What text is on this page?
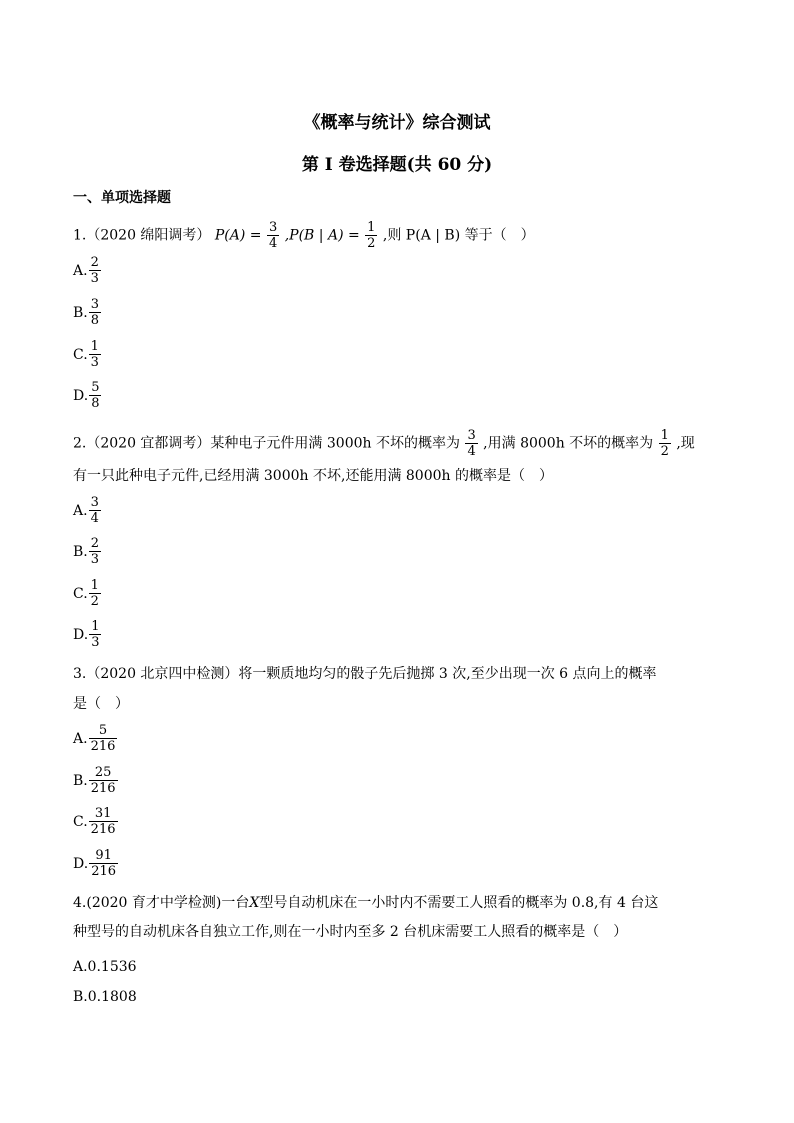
《概率与统计》综合测试
第 I 卷选择题(共 60 分)
一、单项选择题
1.（2020 绵阳调考） $P(A) = \frac{3}{4} ,P(B$ | $A) = \frac{1}{2}$ ,则 P(A | B) 等于（　）
A. $\frac{2}{3}$
B. $\frac{3}{8}$
C. $\frac{1}{3}$
D. $\frac{5}{8}$
2.（2020 宜都调考）某种电子元件用满 3000h 不坏的概率为 $\frac{3}{4}$ ,用满 8000h 不坏的概率为 $\frac{1}{2}$ ,现
有一只此种电子元件,已经用满 3000h 不坏,还能用满 8000h 的概率是（　）
A. $\frac{3}{4}$
B. $\frac{2}{3}$
C. $\frac{1}{2}$
D. $\frac{1}{3}$
3.（2020 北京四中检测）将一颗质地均匀的骰子先后抛掷 3 次,至少出现一次 6 点向上的概率
是（　）
A. $\frac{5}{216}$
B. $\frac{25}{216}$
C. $\frac{31}{216}$
D. $\frac{91}{216}$
4.(2020 育才中学检测)一台X型号自动机床在一小时内不需要工人照看的概率为 0.8,有 4 台这
种型号的自动机床各自独立工作,则在一小时内至多 2 台机床需要工人照看的概率是（　）
A.0.1536
B.0.1808
